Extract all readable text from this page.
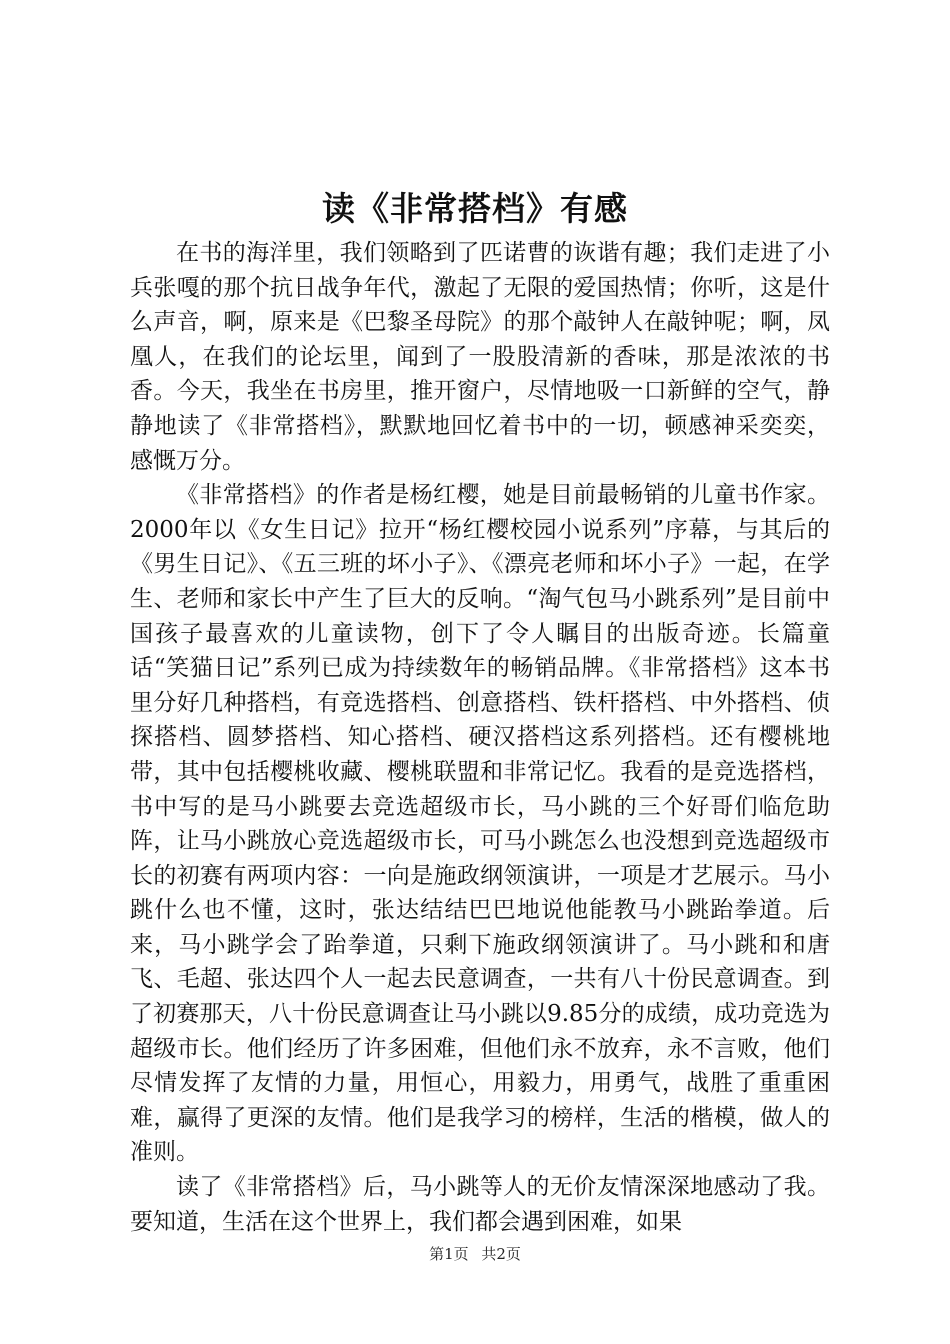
读《非常搭档》有感

在书的海洋里，我们领略到了匹诺曹的诙谐有趣；我们走进了小兵张嘎的那个抗日战争年代，激起了无限的爱国热情；你听，这是什么声音，啊，原来是《巴黎圣母院》的那个敲钟人在敲钟呢；啊，凤凰人，在我们的论坛里，闻到了一股股清新的香味，那是浓浓的书香。今天，我坐在书房里，推开窗户，尽情地吸一口新鲜的空气，静静地读了《非常搭档》，默默地回忆着书中的一切，顿感神采奕奕，感慨万分。

《非常搭档》的作者是杨红樱，她是目前最畅销的儿童书作家。2000年以《女生日记》拉开“杨红樱校园小说系列”序幕，与其后的《男生日记》、《五三班的坏小子》、《漂亮老师和坏小子》一起，在学生、老师和家长中产生了巨大的反响。“淘气包马小跳系列”是目前中国孩子最喜欢的儿童读物，创下了令人瞩目的出版奇迹。长篇童话“笑猫日记”系列已成为持续数年的畅销品牌。《非常搭档》这本书里分好几种搭档，有竞选搭档、创意搭档、铁杆搭档、中外搭档、侦探搭档、圆梦搭档、知心搭档、硬汉搭档这系列搭档。还有樱桃地带，其中包括樱桃收藏、樱桃联盟和非常记忆。我看的是竞选搭档，书中写的是马小跳要去竞选超级市长，马小跳的三个好哥们临危助阵，让马小跳放心竞选超级市长，可马小跳怎么也没想到竞选超级市长的初赛有两项内容：一向是施政纲领演讲，一项是才艺展示。马小跳什么也不懂，这时，张达结结巴巴地说他能教马小跳跆拳道。后来，马小跳学会了跆拳道，只剩下施政纲领演讲了。马小跳和和唐飞、毛超、张达四个人一起去民意调查，一共有八十份民意调查。到了初赛那天，八十份民意调查让马小跳以9.85分的成绩，成功竞选为超级市长。他们经历了许多困难，但他们永不放弃，永不言败，他们尽情发挥了友情的力量，用恒心，用毅力，用勇气，战胜了重重困难，赢得了更深的友情。他们是我学习的榜样，生活的楷模，做人的准则。

读了《非常搭档》后，马小跳等人的无价友情深深地感动了我。要知道，生活在这个世界上，我们都会遇到困难，如果

第1页 共2页
